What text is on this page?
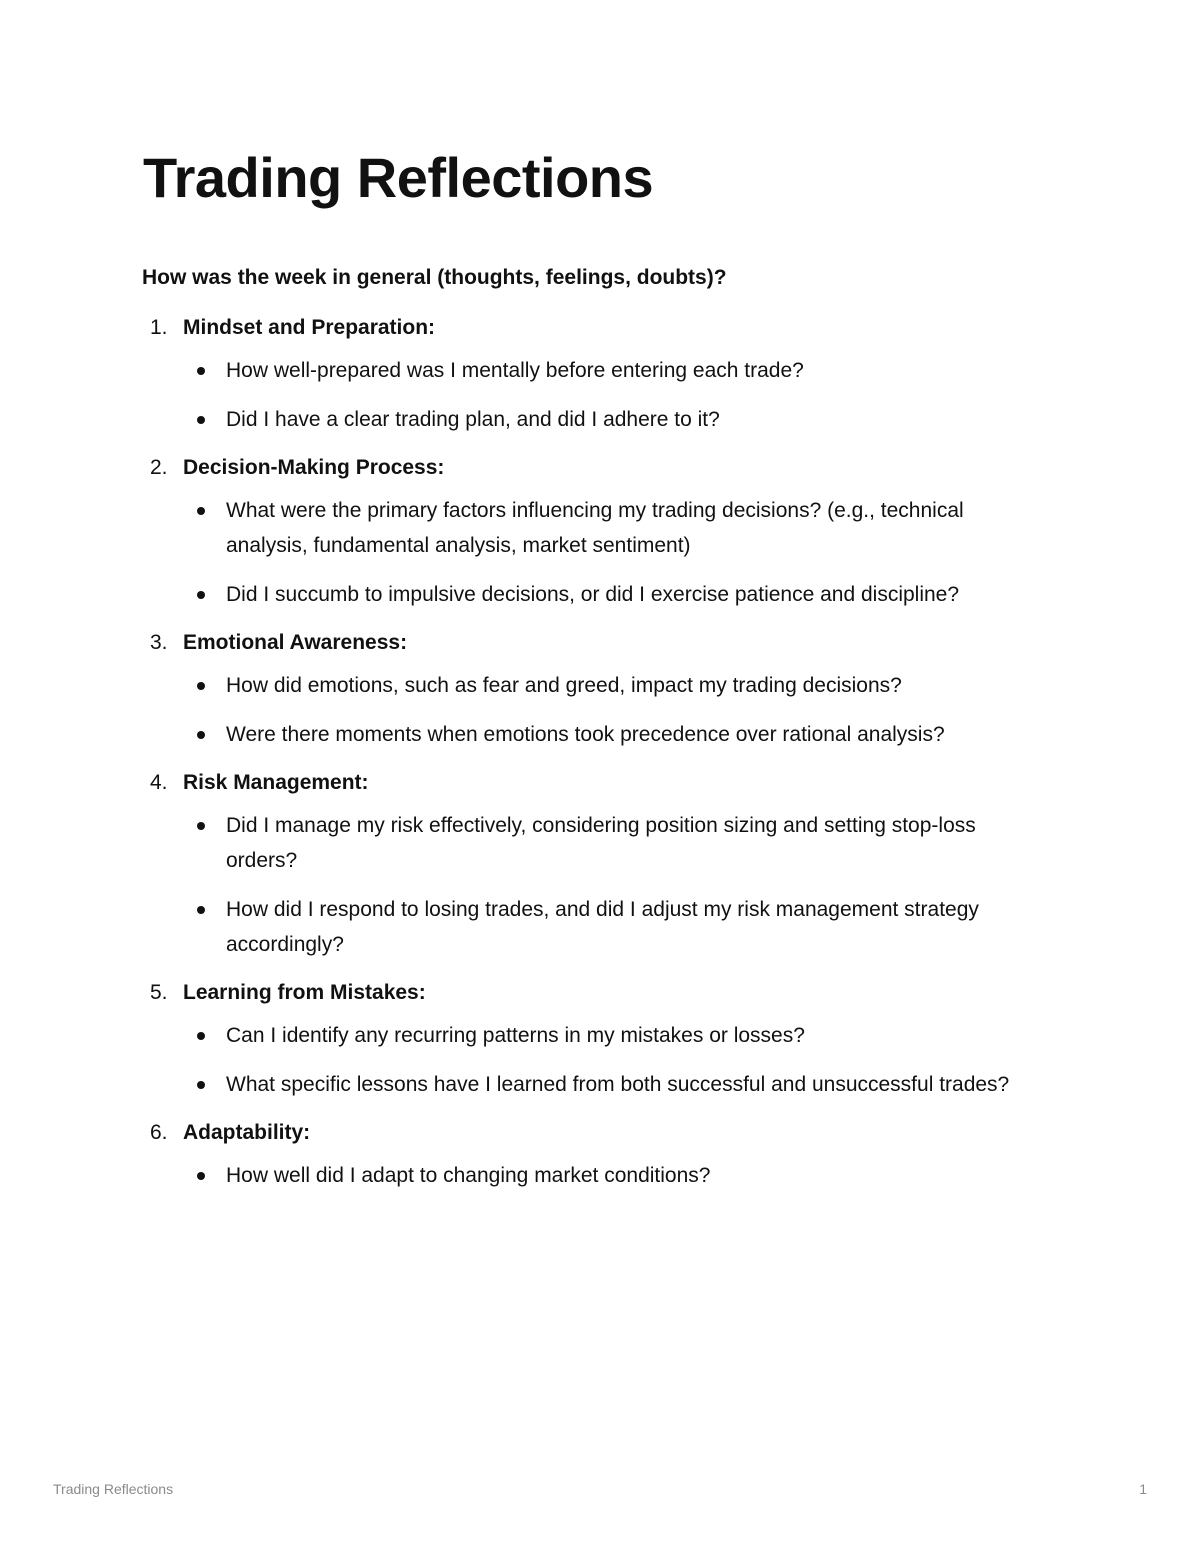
Trading Reflections

How was the week in general (thoughts, feelings, doubts)?

1. Mindset and Preparation:
How well-prepared was I mentally before entering each trade?
Did I have a clear trading plan, and did I adhere to it?
2. Decision-Making Process:
What were the primary factors influencing my trading decisions? (e.g., technical analysis, fundamental analysis, market sentiment)
Did I succumb to impulsive decisions, or did I exercise patience and discipline?
3. Emotional Awareness:
How did emotions, such as fear and greed, impact my trading decisions?
Were there moments when emotions took precedence over rational analysis?
4. Risk Management:
Did I manage my risk effectively, considering position sizing and setting stop-loss orders?
How did I respond to losing trades, and did I adjust my risk management strategy accordingly?
5. Learning from Mistakes:
Can I identify any recurring patterns in my mistakes or losses?
What specific lessons have I learned from both successful and unsuccessful trades?
6. Adaptability:
How well did I adapt to changing market conditions?
Trading Reflections	1
